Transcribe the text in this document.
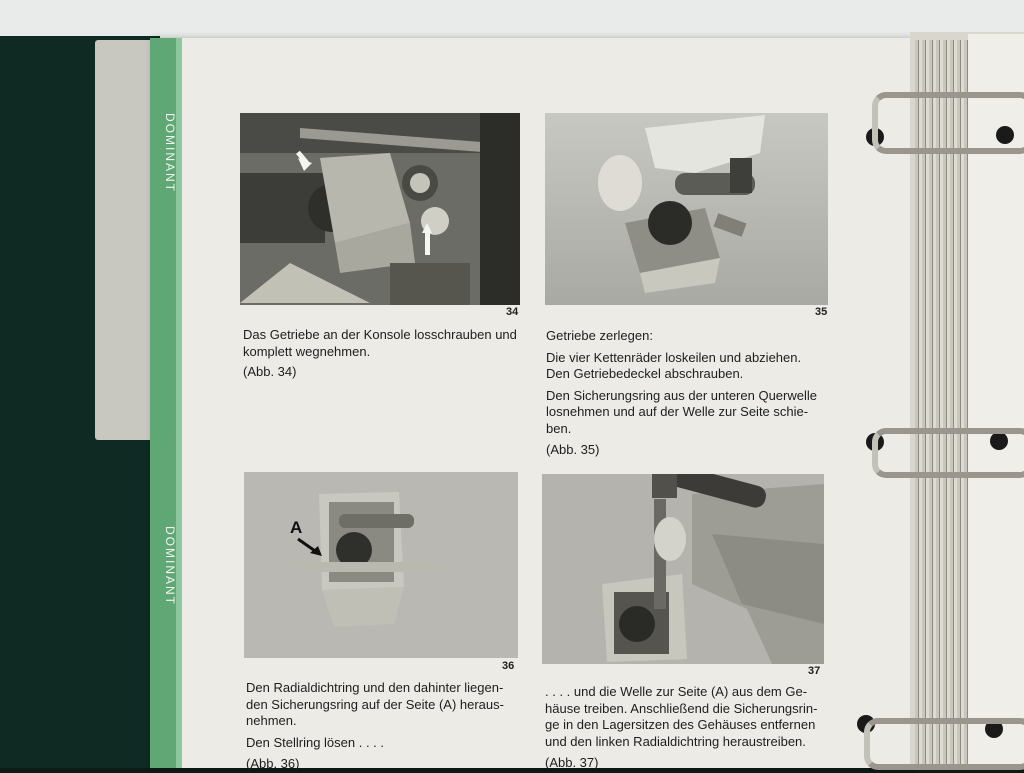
DOMINANT
DOMINANT
34
Das Getriebe an der Konsole losschrauben und
komplett wegnehmen.
(Abb. 34)
35

Getriebe zerlegen:

Die vier Kettenräder loskeilen und abziehen.
Den Getriebedeckel abschrauben.
Den Sicherungsring aus der unteren Querwelle
losnehmen und auf der Welle zur Seite schie-
ben.
(Abb. 35)
A
36
Den Radialdichtring und den dahinter liegen-
den Sicherungsring auf der Seite (A) heraus-
nehmen.
Den Stellring lösen . . . .
(Abb. 36)
37
. . . . und die Welle zur Seite (A) aus dem Ge-
häuse treiben. Anschließend die Sicherungsrin-
ge in den Lagersitzen des Gehäuses entfernen
und den linken Radialdichtring heraustreiben.
(Abb. 37)
